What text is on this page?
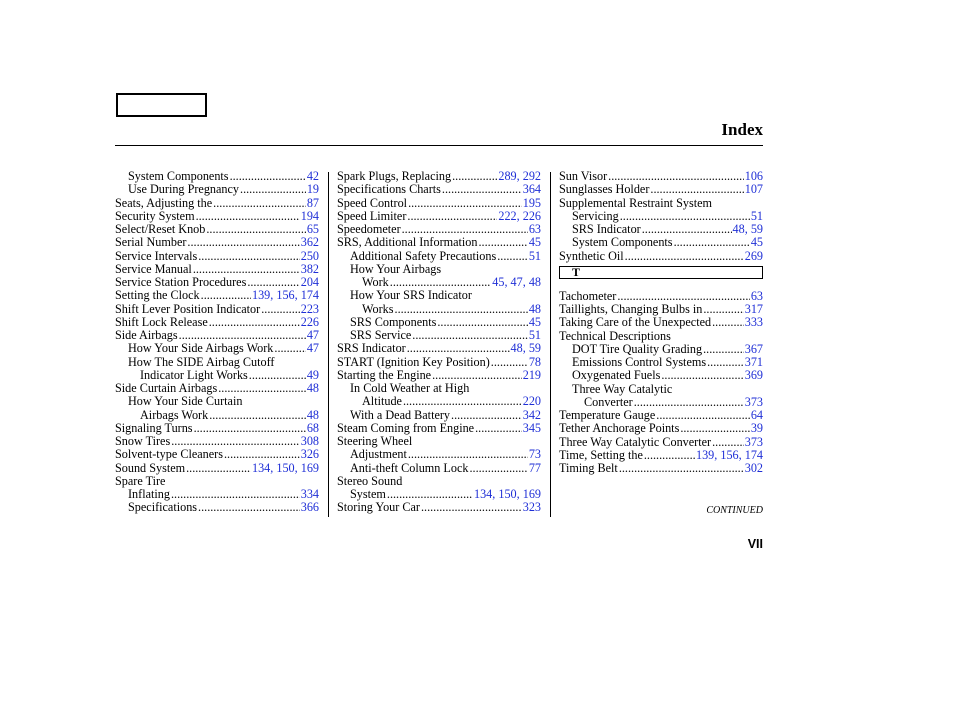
Index
System Components .....	42
Use During Pregnancy .....	19
Seats, Adjusting the .....	87
Security System .....	194
Select/Reset Knob .....	65
Serial Number .....	362
Service Intervals .....	250
Service Manual .....	382
Service Station Procedures .....	204
Setting the Clock .....	139, 156, 174
Shift Lever Position Indicator .....	223
Shift Lock Release .....	226
Side Airbags .....	47
How Your Side Airbags Work .....	47
How The SIDE Airbag Cutoff
Indicator Light Works .....	49
Side Curtain Airbags .....	48
How Your Side Curtain
Airbags Work .....	48
Signaling Turns .....	68
Snow Tires .....	308
Solvent-type Cleaners .....	326
Sound System .....	134, 150, 169
Spare Tire
Inflating .....	334
Specifications .....	366
Spark Plugs, Replacing .....	289, 292
Specifications Charts .....	364
Speed Control .....	195
Speed Limiter .....	222, 226
Speedometer .....	63
SRS, Additional Information .....	45
Additional Safety Precautions .....	51
How Your Airbags
Work .....	45, 47, 48
How Your SRS Indicator
Works .....	48
SRS Components .....	45
SRS Service .....	51
SRS Indicator .....	48, 59
START (Ignition Key Position) .....	78
Starting the Engine .....	219
In Cold Weather at High
Altitude .....	220
With a Dead Battery .....	342
Steam Coming from Engine .....	345
Steering Wheel
Adjustment .....	73
Anti-theft Column Lock .....	77
Stereo Sound
System .....	134, 150, 169
Storing Your Car .....	323
Sun Visor .....	106
Sunglasses Holder .....	107
Supplemental Restraint System
Servicing .....	51
SRS Indicator .....	48, 59
System Components .....	45
Synthetic Oil .....	269
T
Tachometer .....	63
Taillights, Changing Bulbs in .....	317
Taking Care of the Unexpected .....	333
Technical Descriptions
DOT Tire Quality Grading .....	367
Emissions Control Systems .....	371
Oxygenated Fuels .....	369
Three Way Catalytic
Converter .....	373
Temperature Gauge .....	64
Tether Anchorage Points .....	39
Three Way Catalytic Converter .....	373
Time, Setting the .....	139, 156, 174
Timing Belt .....	302
CONTINUED
VII
